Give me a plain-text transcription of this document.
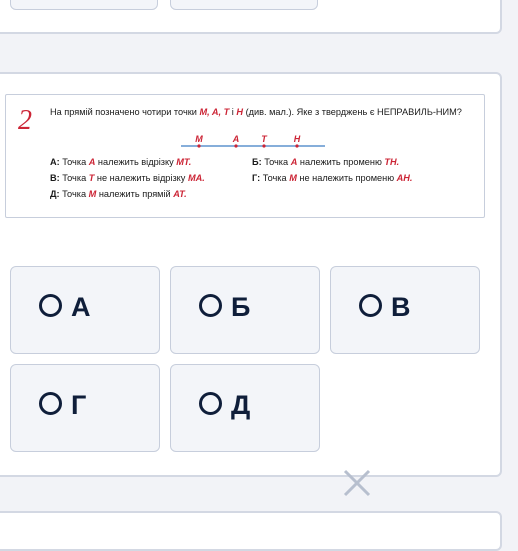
2 На прямій позначено чотири точки M, A, T і H (див. мал.). Яке з тверджень є НЕПРАВИЛЬ-НИМ?
M	A T	H
А: Точка A належить відрізку MT.	Б: Точка A належить променю TH.
В: Точка T не належить відрізку MA.	Г: Точка M не належить променю AH.
Д: Точка M належить прямій AT.
А	Б	В
Г	Д
